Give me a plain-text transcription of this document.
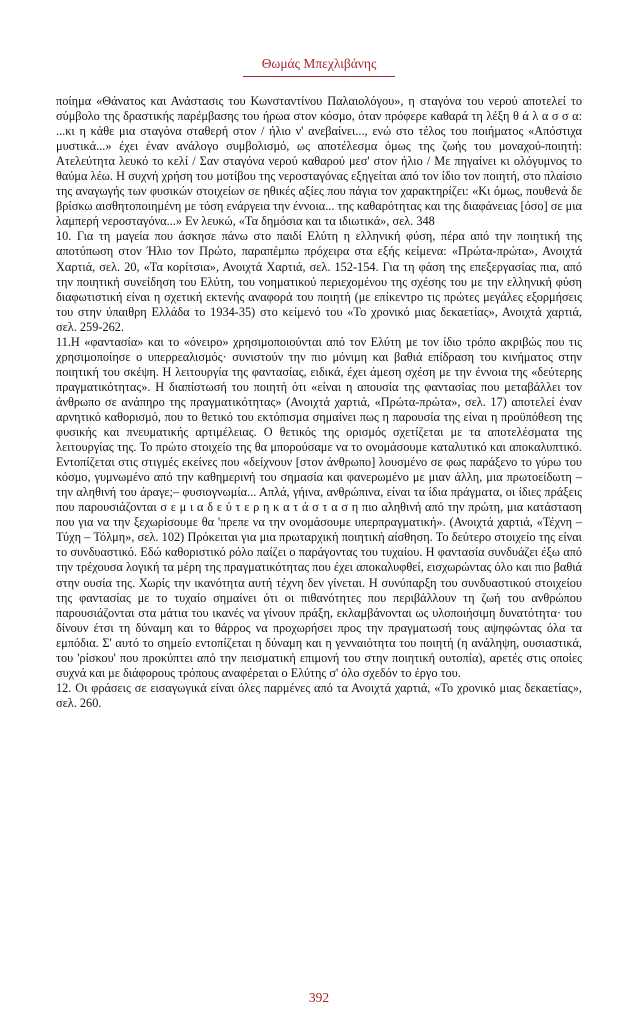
Θωμάς Μπεχλιβάνης

ποίημα «Θάνατος και Ανάστασις του Κωνσταντίνου Παλαιολόγου», η σταγόνα του νερού αποτελεί το σύμβολο της δραστικής παρέμβασης του ήρωα στον κόσμο, όταν πρόφερε καθαρά τη λέξη θ ά λ α σ σ α: ...κι η κάθε μια σταγόνα σταθερή στον / ήλιο ν' ανεβαίνει..., ενώ στο τέλος του ποιήματος «Απόστιχα μυστικά...» έχει έναν ανάλογο συμβολισμό, ως αποτέλεσμα όμως της ζωής του μοναχού-ποιητή: Ατελεύτητα λευκό το κελί / Σαν σταγόνα νερού καθαρού μεσ' στον ήλιο / Με πηγαίνει κι ολόγυμνος το θαύμα λέω. Η συχνή χρήση του μοτίβου της νεροσταγόνας εξηγείται από τον ίδιο τον ποιητή, στο πλαίσιο της αναγωγής των φυσικών στοιχείων σε ηθικές αξίες που πάγια τον χαρακτηρίζει: «Κι όμως, πουθενά δε βρίσκω αισθητοποιημένη με τόση ενάργεια την έννοια... της καθαρότητας και της διαφάνειας [όσο] σε μια λαμπερή νεροσταγόνα...» Εν λευκώ, «Τα δημόσια και τα ιδιωτικά», σελ. 348

10. Για τη μαγεία που άσκησε πάνω στο παιδί Ελύτη η ελληνική φύση, πέρα από την ποιητική της αποτύπωση στον Ήλιο τον Πρώτο, παραπέμπω πρόχειρα στα εξής κείμενα: «Πρώτα-πρώτα», Ανοιχτά Χαρτιά, σελ. 20, «Τα κορίτσια», Ανοιχτά Χαρτιά, σελ. 152-154. Για τη φάση της επεξεργασίας πια, από την ποιητική συνείδηση του Ελύτη, του νοηματικού περιεχομένου της σχέσης του με την ελληνική φύση διαφωτιστική είναι η σχετική εκτενής αναφορά του ποιητή (με επίκεντρο τις πρώτες μεγάλες εξορμήσεις του στην ύπαιθρη Ελλάδα το 1934-35) στο κείμενό του «Το χρονικό μιας δεκαετίας», Ανοιχτά χαρτιά, σελ. 259-262.

11.Η «φαντασία» και το «όνειρο» χρησιμοποιούνται από τον Ελύτη με τον ίδιο τρόπο ακριβώς που τις χρησιμοποίησε ο υπερρεαλισμός· συνιστούν την πιο μόνιμη και βαθιά επίδραση του κινήματος στην ποιητική του σκέψη. Η λειτουργία της φαντασίας, ειδικά, έχει άμεση σχέση με την έννοια της «δεύτερης πραγματικότητας». Η διαπίστωσή του ποιητή ότι «είναι η απουσία της φαντασίας που μεταβάλλει τον άνθρωπο σε ανάπηρο της πραγματικότητας» (Ανοιχτά χαρτιά, «Πρώτα-πρώτα», σελ. 17) αποτελεί έναν αρνητικό καθορισμό, που το θετικό του εκτόπισμα σημαίνει πως η παρουσία της είναι η προϋπόθεση της φυσικής και πνευματικής αρτιμέλειας. Ο θετικός της ορισμός σχετίζεται με τα αποτελέσματα της λειτουργίας της. Το πρώτο στοιχείο της θα μπορούσαμε να το ονομάσουμε καταλυτικό και αποκαλυπτικό. Εντοπίζεται στις στιγμές εκείνες που «δείχνουν [στον άνθρωπο] λουσμένο σε φως παράξενο το γύρω του κόσμο, γυμνωμένο από την καθημερινή του σημασία και φανερωμένο με μιαν άλλη, μια πρωτοείδωτη –την αληθινή του άραγε;– φυσιογνωμία... Απλά, γήινα, ανθρώπινα, είναι τα ίδια πράγματα, οι ίδιες πράξεις που παρουσιάζονται σ ε μ ι α δ ε ύ τ ε ρ η κ α τ ά σ τ α σ η πιο αληθινή από την πρώτη, μια κατάσταση που για να την ξεχωρίσουμε θα 'πρεπε να την ονομάσουμε υπερπραγματική». (Ανοιχτά χαρτιά, «Τέχνη – Τύχη – Τόλμη», σελ. 102) Πρόκειται για μια πρωταρχική ποιητική αίσθηση. Το δεύτερο στοιχείο της είναι το συνδυαστικό. Εδώ καθοριστικό ρόλο παίζει ο παράγοντας του τυχαίου. Η φαντασία συνδυάζει έξω από την τρέχουσα λογική τα μέρη της πραγματικότητας που έχει αποκαλυφθεί, εισχωρώντας όλο και πιο βαθιά στην ουσία της. Χωρίς την ικανότητα αυτή τέχνη δεν γίνεται. Η συνύπαρξη του συνδυαστικού στοιχείου της φαντασίας με το τυχαίο σημαίνει ότι οι πιθανότητες που περιβάλλουν τη ζωή του ανθρώπου παρουσιάζονται στα μάτια του ικανές να γίνουν πράξη, εκλαμβάνονται ως υλοποιήσιμη δυνατότητα· του δίνουν έτσι τη δύναμη και το θάρρος να προχωρήσει προς την πραγματωσή τους αψηφώντας όλα τα εμπόδια. Σ' αυτό το σημείο εντοπίζεται η δύναμη και η γενναιότητα του ποιητή (η ανάληψη, ουσιαστικά, του 'ρίσκου' που προκύπτει από την πεισματική επιμονή του στην ποιητική ουτοπία), αρετές στις οποίες συχνά και με διάφορους τρόπους αναφέρεται ο Ελύτης σ' όλο σχεδόν το έργο του.

12. Οι φράσεις σε εισαγωγικά είναι όλες παρμένες από τα Ανοιχτά χαρτιά, «Το χρονικό μιας δεκαετίας», σελ. 260.

392
